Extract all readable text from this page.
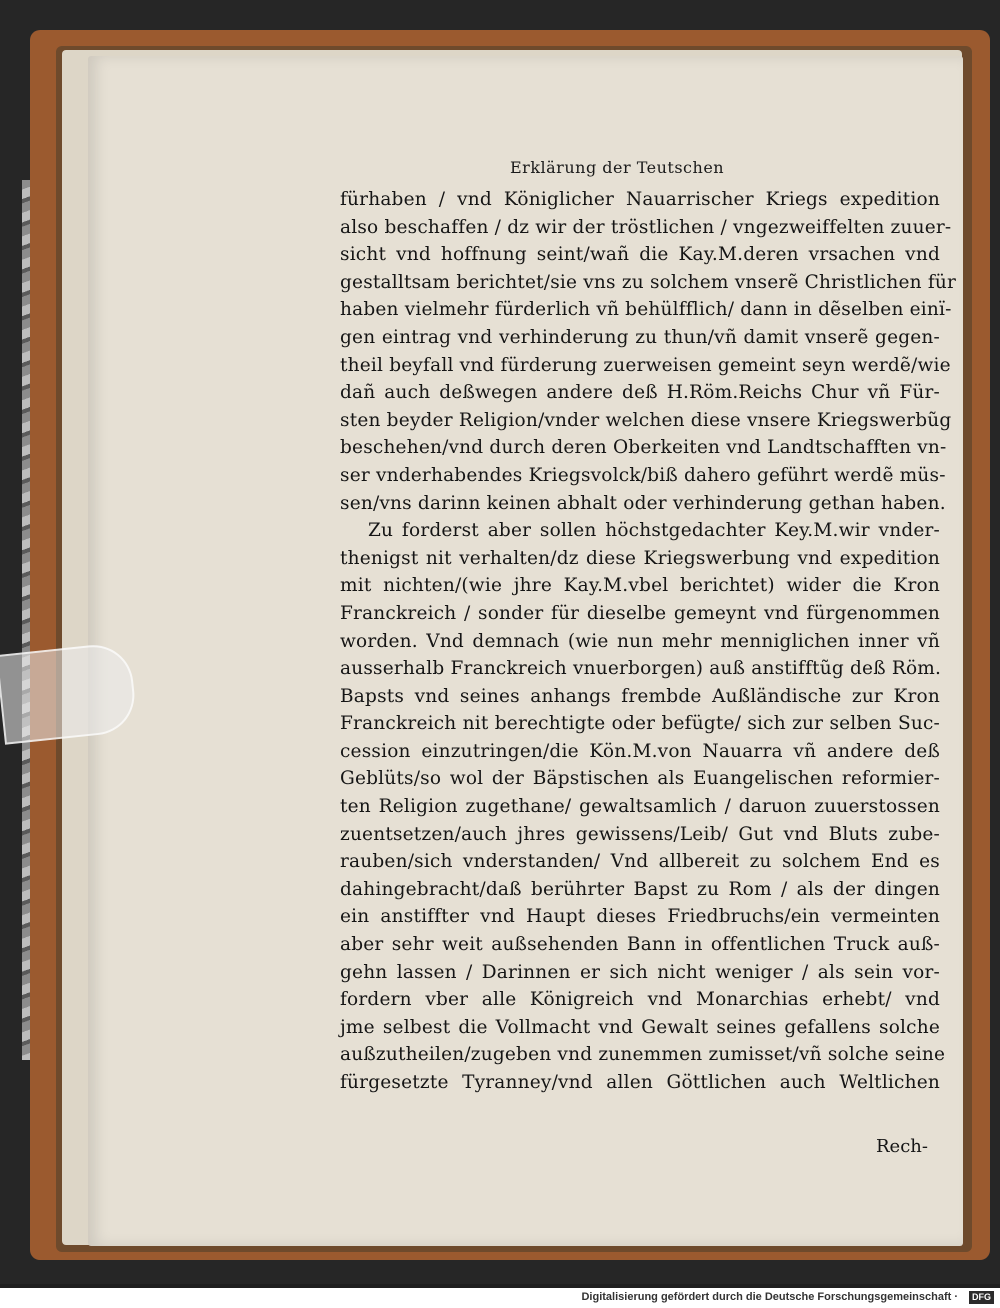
Erklärung der Teutschen
fürhaben / vnd Königlicher Nauarrischer Kriegs expedition
also beschaffen / dz wir der tröstlichen / vngezweiffelten zuuer-
sicht vnd hoffnung seint/wañ die Kay.M.deren vrsachen vnd
gestalltsam berichtet/sie vns zu solchem vnserẽ Christlichen für
haben vielmehr fürderlich vñ behülfflich/ dann in dẽselben einï-
gen eintrag vnd verhinderung zu thun/vñ damit vnserẽ gegen-
theil beyfall vnd fürderung zuerweisen gemeint seyn werdẽ/wie
dañ auch deßwegen andere deß H.Röm.Reichs Chur vñ Für-
sten beyder Religion/vnder welchen diese vnsere Kriegswerbũg
beschehen/vnd durch deren Oberkeiten vnd Landtschafften vn-
ser vnderhabendes Kriegsvolck/biß dahero geführt werdẽ müs-
sen/vns darinn keinen abhalt oder verhinderung gethan haben.
Zu forderst aber sollen höchstgedachter Key.M.wir vnder-
thenigst nit verhalten/dz diese Kriegswerbung vnd expedition
mit nichten/(wie jhre Kay.M.vbel berichtet) wider die Kron
Franckreich / sonder für dieselbe gemeynt vnd fürgenommen
worden. Vnd demnach (wie nun mehr menniglichen inner vñ
ausserhalb Franckreich vnuerborgen) auß anstifftũg deß Röm.
Bapsts vnd seines anhangs frembde Außländische zur Kron
Franckreich nit berechtigte oder befügte/ sich zur selben Suc-
cession einzutringen/die Kön.M.von Nauarra vñ andere deß
Geblüts/so wol der Bäpstischen als Euangelischen reformier-
ten Religion zugethane/ gewaltsamlich / daruon zuuerstossen
zuentsetzen/auch jhres gewissens/Leib/ Gut vnd Bluts zube-
rauben/sich vnderstanden/ Vnd allbereit zu solchem End es
dahingebracht/daß berührter Bapst zu Rom / als der dingen
ein anstiffter vnd Haupt dieses Friedbruchs/ein vermeinten
aber sehr weit außsehenden Bann in offentlichen Truck auß-
gehn lassen / Darinnen er sich nicht weniger / als sein vor-
fordern vber alle Königreich vnd Monarchias erhebt/ vnd
jme selbest die Vollmacht vnd Gewalt seines gefallens solche
außzutheilen/zugeben vnd zunemmen zumisset/vñ solche seine
fürgesetzte Tyranney/vnd allen Göttlichen auch Weltlichen
Rech-
Digitalisierung gefördert durch die Deutsche Forschungsgemeinschaft ·	DFG
